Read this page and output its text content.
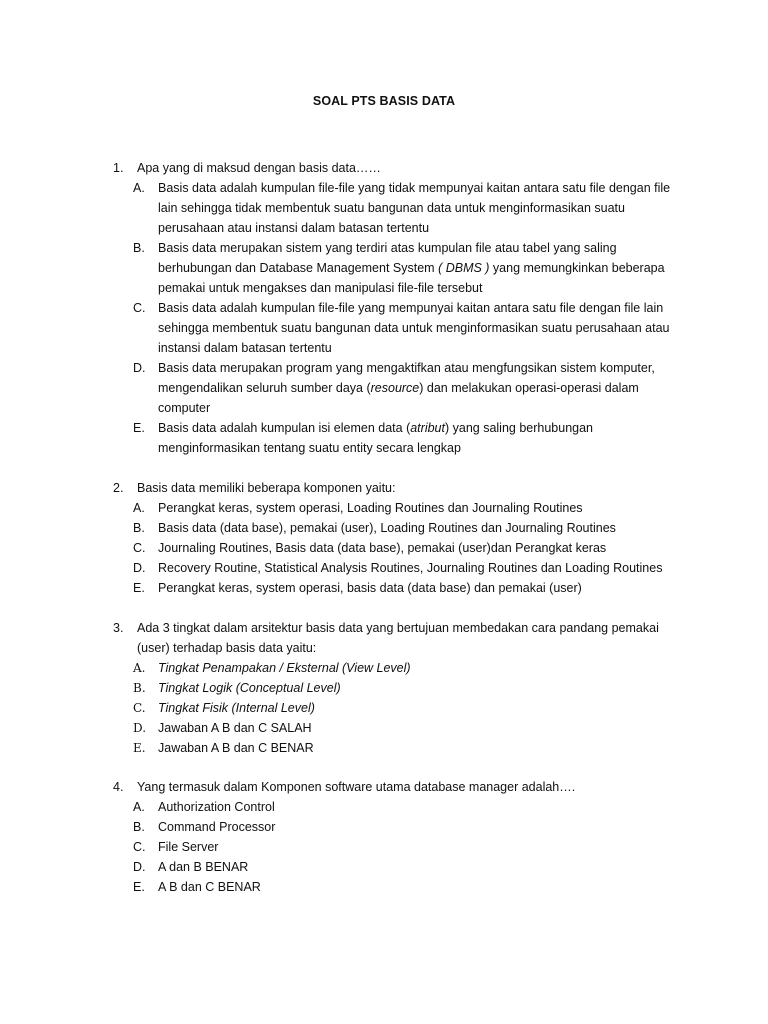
SOAL PTS BASIS DATA
1.	Apa yang di maksud dengan basis data……
A.	Basis data adalah kumpulan file-file yang tidak mempunyai kaitan antara satu file dengan file lain sehingga tidak membentuk suatu bangunan data untuk menginformasikan suatu perusahaan atau instansi dalam batasan tertentu
B.	Basis data merupakan sistem yang terdiri atas kumpulan file atau tabel yang saling berhubungan dan Database Management System ( DBMS ) yang memungkinkan beberapa pemakai untuk mengakses dan manipulasi file-file tersebut
C.	Basis data adalah kumpulan file-file yang mempunyai kaitan antara satu file dengan file lain sehingga membentuk suatu bangunan data untuk menginformasikan suatu perusahaan atau instansi dalam batasan tertentu
D.	Basis data merupakan program yang mengaktifkan atau mengfungsikan sistem komputer, mengendalikan seluruh sumber daya (resource) dan melakukan operasi-operasi dalam computer
E.	Basis data adalah kumpulan isi elemen data (atribut) yang saling berhubungan menginformasikan tentang suatu entity secara lengkap
2.	Basis data memiliki beberapa komponen yaitu:
A.	Perangkat keras, system operasi, Loading Routines dan Journaling Routines
B.	Basis data (data base), pemakai (user), Loading Routines dan Journaling Routines
C.	Journaling Routines, Basis data (data base), pemakai (user)dan Perangkat keras
D.	Recovery Routine, Statistical Analysis Routines, Journaling Routines dan Loading Routines
E.	Perangkat keras, system operasi, basis data (data base) dan pemakai (user)
3.	Ada 3 tingkat dalam arsitektur basis data yang bertujuan membedakan cara pandang pemakai (user) terhadap basis data yaitu:
A.	Tingkat Penampakan / Eksternal (View Level)
B. Tingkat Logik (Conceptual Level)
C. Tingkat Fisik (Internal Level)
D. Jawaban A B dan C SALAH
E. Jawaban A B dan C BENAR
4.	Yang termasuk dalam Komponen software utama database manager adalah….
A.	Authorization Control
B.	Command Processor
C.	File Server
D.	A dan B BENAR
E.	A B dan C BENAR
